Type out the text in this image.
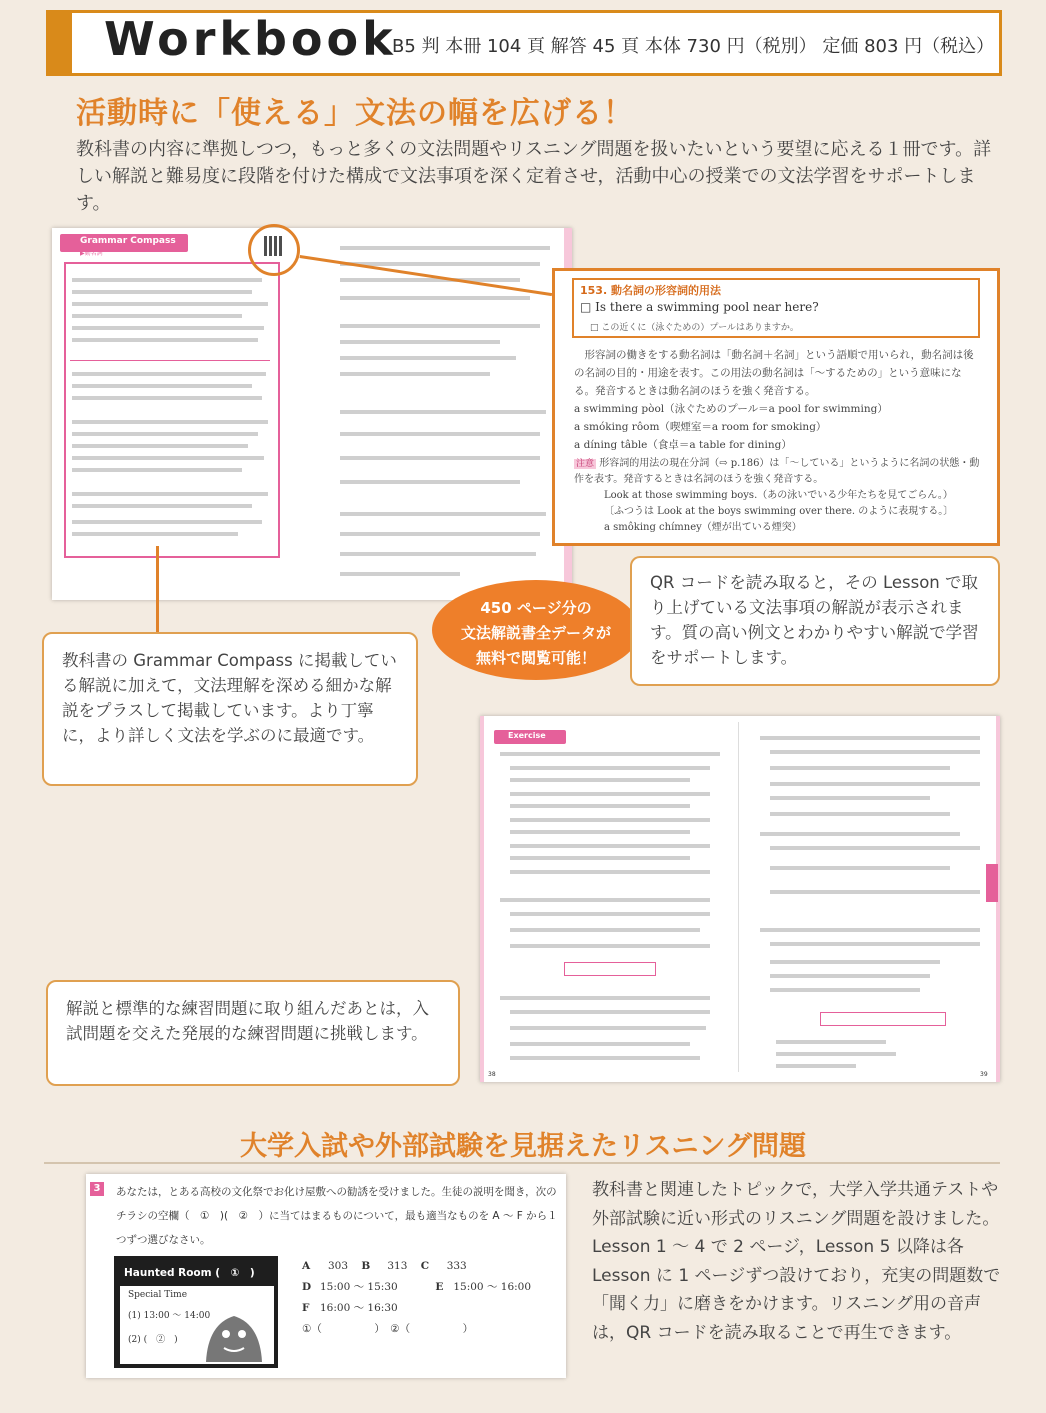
Workbook
B5 判 本冊 104 頁 解答 45 頁 本体 730 円（税別） 定価 803 円（税込）
活動時に「使える」文法の幅を広げる！
教科書の内容に準拠しつつ，もっと多くの文法問題やリスニング問題を扱いたいという要望に応える１冊です。詳しい解説と難易度に段階を付けた構成で文法事項を深く定着させ，活動中心の授業での文法学習をサポートします。
Grammar Compass
▶動名詞
153. 動名詞の形容詞的用法
□ Is there a swimming pool near here?
□ この近くに（泳ぐための）プールはありますか。
形容詞の働きをする動名詞は「動名詞＋名詞」という語順で用いられ，動名詞は後の名詞の目的・用途を表す。この用法の動名詞は「～するための」という意味になる。発音するときは動名詞のほうを強く発音する。
a swimming pòol（泳ぐためのプール＝a pool for swimming）
a smóking rôom（喫煙室＝a room for smoking）
a díning tâble（食卓＝a table for dining）
注意 形容詞的用法の現在分詞（⇨ p.186）は「～している」というように名詞の状態・動作を表す。発音するときは名詞のほうを強く発音する。
Look at those swimming boys.（あの泳いでいる少年たちを見てごらん。）
〔ふつうは Look at the boys swimming over there. のように表現する。〕
a smôking chímney（煙が出ている煙突）
450 ページ分の
文法解説書全データが
無料で閲覧可能！
QR コードを読み取ると，その Lesson で取り上げている文法事項の解説が表示されます。質の高い例文とわかりやすい解説で学習をサポートします。
教科書の Grammar Compass に掲載している解説に加えて，文法理解を深める細かな解説をプラスして掲載しています。より丁寧に，より詳しく文法を学ぶのに最適です。	Exercise
38	39
解説と標準的な練習問題に取り組んだあとは，入試問題を交えた発展的な練習問題に挑戦します。
大学入試や外部試験を見据えたリスニング問題
3	あなたは，とある高校の文化祭でお化け屋敷への勧誘を受けました。生徒の説明を聞き，次のチラシの空欄（　①　)(　②　）に当てはまるものについて，最も適当なものを A ～ F から１つずつ選びなさい。
Haunted Room (　①　)
Special Time
(1) 13:00 ～ 14:00
(2) (　②　)
A 303 B 313 C 333
D 15:00 ～ 15:30	E 15:00 ～ 16:00
F 16:00 ～ 16:30
①（　　　　　）　②（　　　　　）
教科書と関連したトピックで，大学入学共通テストや外部試験に近い形式のリスニング問題を設けました。Lesson 1 ～ 4 で 2 ページ，Lesson 5 以降は各 Lesson に 1 ページずつ設けており，充実の問題数で「聞く力」に磨きをかけます。リスニング用の音声は，QR コードを読み取ることで再生できます。
